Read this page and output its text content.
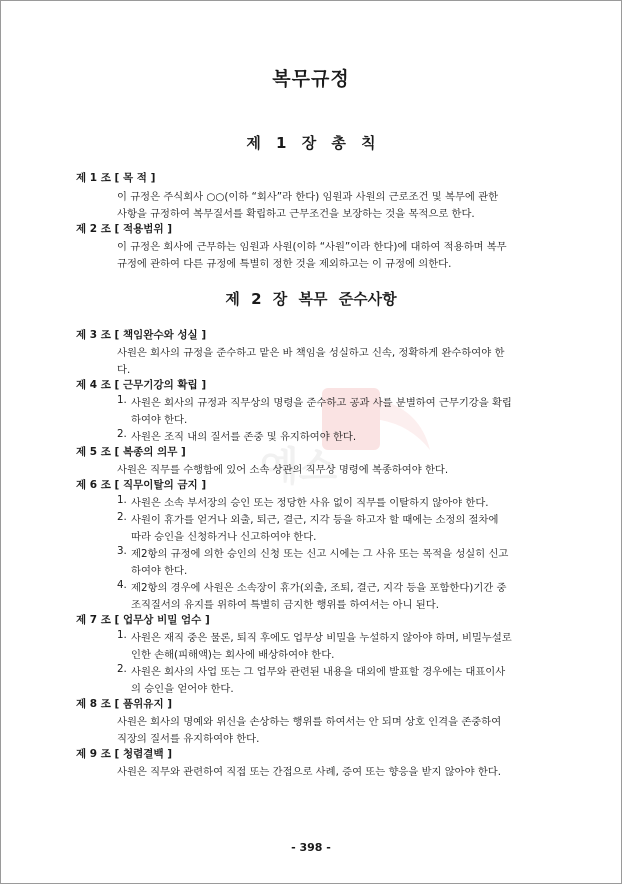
예스
복무규정
제 1 장 총 칙
제 1 조 [ 목 적 ]
이 규정은 주식회사 ○○(이하 “회사”라 한다) 임원과 사원의 근로조건 및 복무에 관한
사항을 규정하여 복무질서를 확립하고 근무조건을 보장하는 것을 목적으로 한다.
제 2 조 [ 적용범위 ]
이 규정은 회사에 근무하는 임원과 사원(이하 “사원”이라 한다)에 대하여 적용하며 복무
규정에 관하여 다른 규정에 특별히 정한 것을 제외하고는 이 규정에 의한다.
제 2 장 복무 준수사항
제 3 조 [ 책임완수와 성실 ]
사원은 회사의 규정을 준수하고 맡은 바 책임을 성실하고 신속, 정확하게 완수하여야 한
다.
제 4 조 [ 근무기강의 확립 ]
1. 사원은 회사의 규정과 직무상의 명령을 준수하고 공과 사를 분별하여 근무기강을 확립
하여야 한다.
2. 사원은 조직 내의 질서를 존중 및 유지하여야 한다.
제 5 조 [ 복종의 의무 ]
사원은 직무를 수행함에 있어 소속 상관의 직무상 명령에 복종하여야 한다.
제 6 조 [ 직무이탈의 금지 ]
1. 사원은 소속 부서장의 승인 또는 정당한 사유 없이 직무를 이탈하지 않아야 한다.
2. 사원이 휴가를 얻거나 외출, 퇴근, 결근, 지각 등을 하고자 할 때에는 소정의 절차에
따라 승인을 신청하거나 신고하여야 한다.
3. 제2항의 규정에 의한 승인의 신청 또는 신고 시에는 그 사유 또는 목적을 성실히 신고
하여야 한다.
4. 제2항의 경우에 사원은 소속장이 휴가(외출, 조퇴, 결근, 지각 등을 포함한다)기간 중
조직질서의 유지를 위하여 특별히 금지한 행위를 하여서는 아니 된다.
제 7 조 [ 업무상 비밀 엄수 ]
1. 사원은 재직 중은 물론, 퇴직 후에도 업무상 비밀을 누설하지 않아야 하며, 비밀누설로
인한 손해(피해액)는 회사에 배상하여야 한다.
2. 사원은 회사의 사업 또는 그 업무와 관련된 내용을 대외에 발표할 경우에는 대표이사
의 승인을 얻어야 한다.
제 8 조 [ 품위유지 ]
사원은 회사의 명예와 위신을 손상하는 행위를 하여서는 안 되며 상호 인격을 존중하여
직장의 질서를 유지하여야 한다.
제 9 조 [ 청렴결백 ]
사원은 직무와 관련하여 직접 또는 간접으로 사례, 증여 또는 향응을 받지 않아야 한다.
- 398 -
